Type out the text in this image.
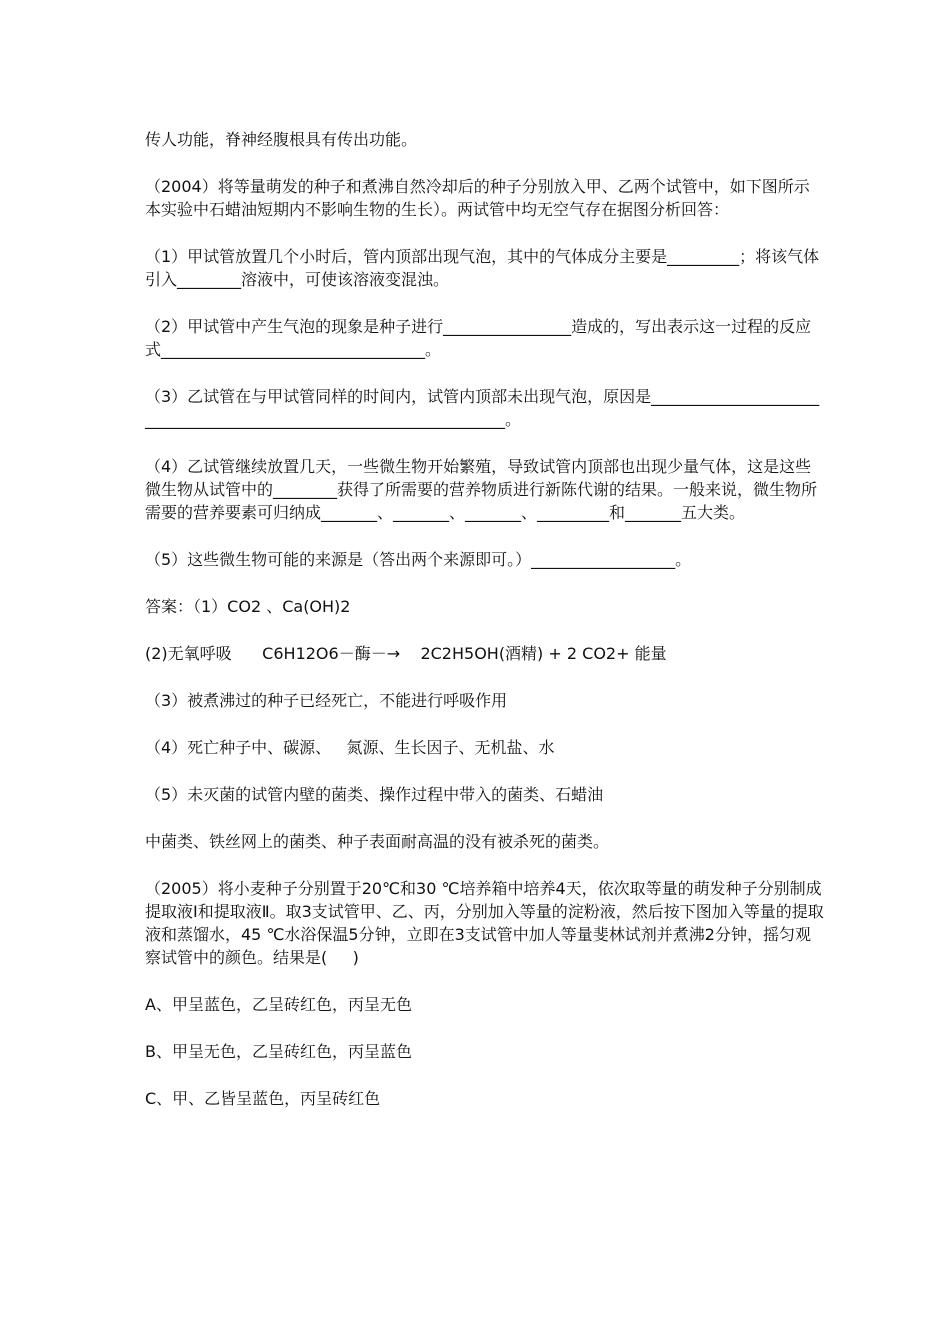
传人功能，脊神经腹根具有传出功能。

（2004）将等量萌发的种子和煮沸自然冷却后的种子分别放入甲、乙两个试管中，如下图所示本实验中石蜡油短期内不影响生物的生长）。两试管中均无空气存在据图分析回答：

（1）甲试管放置几个小时后，管内顶部出现气泡，其中的气体成分主要是_________；将该气体引入________溶液中，可使该溶液变混浊。

（2）甲试管中产生气泡的现象是种子进行________________造成的，写出表示这一过程的反应式_________________________________。

（3）乙试管在与甲试管同样的时间内，试管内顶部未出现气泡，原因是__________________________________________________________________。

（4）乙试管继续放置几天，一些微生物开始繁殖，导致试管内顶部也出现少量气体，这是这些微生物从试管中的________获得了所需要的营养物质进行新陈代谢的结果。一般来说，微生物所需要的营养要素可归纳成_______、_______、_______、_________和_______五大类。

（5）这些微生物可能的来源是（答出两个来源即可。）__________________。

答案：（1）CO2 、Ca(OH)2

(2)无氧呼吸      C6H12O6－酶－→    2C2H5OH(酒精) + 2 CO2+ 能量

（3）被煮沸过的种子已经死亡，不能进行呼吸作用

（4）死亡种子中、碳源、   氮源、生长因子、无机盐、水

（5）未灭菌的试管内壁的菌类、操作过程中带入的菌类、石蜡油

中菌类、铁丝网上的菌类、种子表面耐高温的没有被杀死的菌类。

（2005）将小麦种子分别置于20℃和30 ℃培养箱中培养4天，依次取等量的萌发种子分别制成提取液Ⅰ和提取液Ⅱ。取3支试管甲、乙、丙，分别加入等量的淀粉液，然后按下图加入等量的提取液和蒸馏水，45 ℃水浴保温5分钟，立即在3支试管中加人等量斐林试剂并煮沸2分钟，摇匀观察试管中的颜色。结果是(     )

A、甲呈蓝色，乙呈砖红色，丙呈无色

B、甲呈无色，乙呈砖红色，丙呈蓝色

C、甲、乙皆呈蓝色，丙呈砖红色
